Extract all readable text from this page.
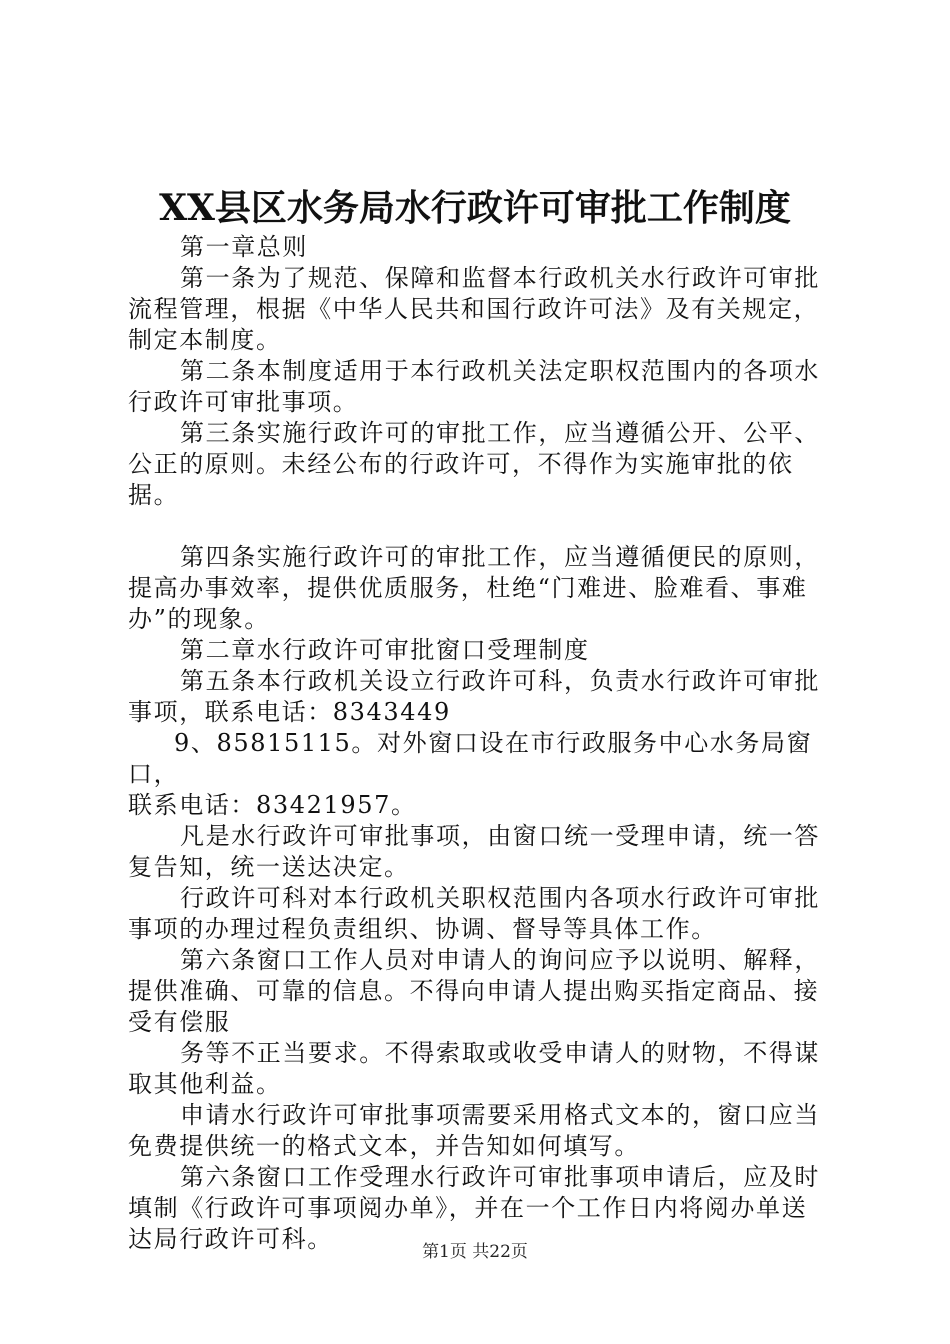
XX县区水务局水行政许可审批工作制度

第一章总则

第一条为了规范、保障和监督本行政机关水行政许可审批
流程管理，根据《中华人民共和国行政许可法》及有关规定，
制定本制度。

第二条本制度适用于本行政机关法定职权范围内的各项水
行政许可审批事项。

第三条实施行政许可的审批工作，应当遵循公开、公平、
公正的原则。未经公布的行政许可，不得作为实施审批的依据。

第四条实施行政许可的审批工作，应当遵循便民的原则，
提高办事效率，提供优质服务，杜绝“门难进、脸难看、事难
办”的现象。

第二章水行政许可审批窗口受理制度

第五条本行政机关设立行政许可科，负责水行政许可审批
事项，联系电话：8343449

9、85815115。对外窗口设在市行政服务中心水务局窗口，
联系电话：83421957。

凡是水行政许可审批事项，由窗口统一受理申请，统一答
复告知，统一送达决定。

行政许可科对本行政机关职权范围内各项水行政许可审批
事项的办理过程负责组织、协调、督导等具体工作。

第六条窗口工作人员对申请人的询问应予以说明、解释，
提供准确、可靠的信息。不得向申请人提出购买指定商品、接
受有偿服

务等不正当要求。不得索取或收受申请人的财物，不得谋
取其他利益。

申请水行政许可审批事项需要采用格式文本的，窗口应当
免费提供统一的格式文本，并告知如何填写。

第六条窗口工作受理水行政许可审批事项申请后，应及时
填制《行政许可事项阅办单》，并在一个工作日内将阅办单送
达局行政许可科。	第1页 共22页
